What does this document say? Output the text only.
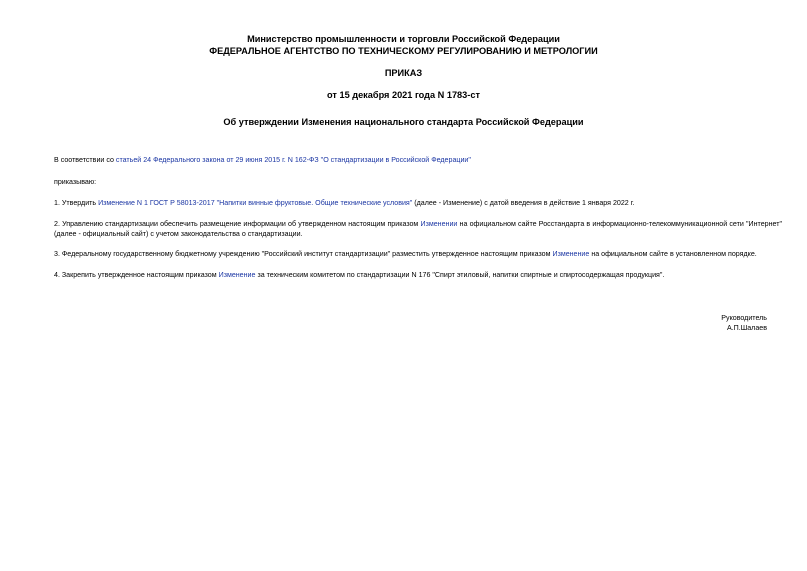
Министерство промышленности и торговли Российской Федерации
ФЕДЕРАЛЬНОЕ АГЕНТСТВО ПО ТЕХНИЧЕСКОМУ РЕГУЛИРОВАНИЮ И МЕТРОЛОГИИ
ПРИКАЗ
от 15 декабря 2021 года N 1783-ст
Об утверждении Изменения национального стандарта Российской Федерации
В соответствии со статьей 24 Федерального закона от 29 июня 2015 г. N 162-ФЗ "О стандартизации в Российской Федерации"
приказываю:
1. Утвердить Изменение N 1 ГОСТ Р 58013-2017 "Напитки винные фруктовые. Общие технические условия" (далее - Изменение) с датой введения в действие 1 января 2022 г.
2. Управлению стандартизации обеспечить размещение информации об утвержденном настоящим приказом Изменении на официальном сайте Росстандарта в информационно-телекоммуникационной сети "Интернет" (далее - официальный сайт) с учетом законодательства о стандартизации.
3. Федеральному государственному бюджетному учреждению "Российский институт стандартизации" разместить утвержденное настоящим приказом Изменение на официальном сайте в установленном порядке.
4. Закрепить утвержденное настоящим приказом Изменение за техническим комитетом по стандартизации N 176 "Спирт этиловый, напитки спиртные и спиртосодержащая продукция".
Руководитель
А.П.Шалаев
